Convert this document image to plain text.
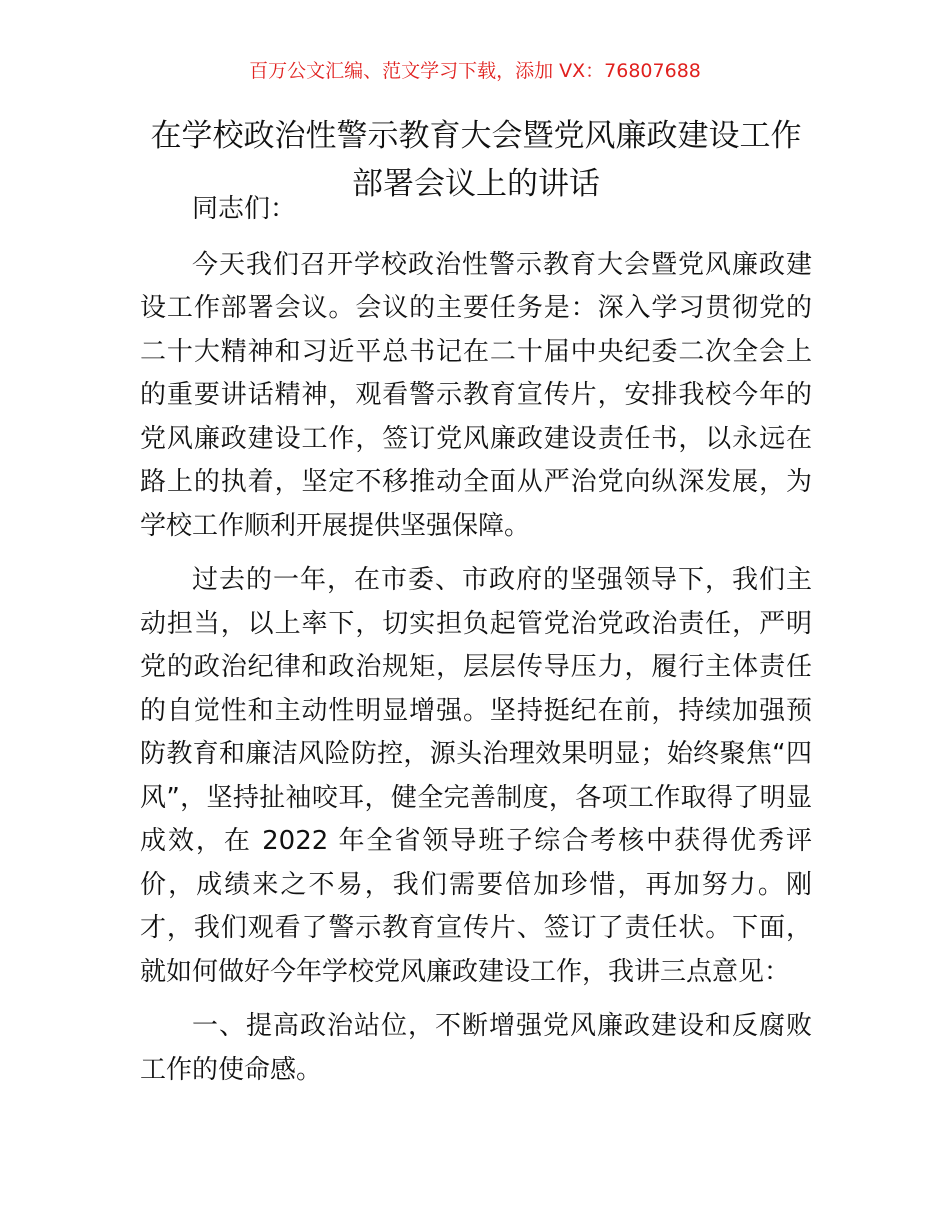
百万公文汇编、范文学习下载，添加 VX：76807688
在学校政治性警示教育大会暨党风廉政建设工作部署会议上的讲话

同志们：

今天我们召开学校政治性警示教育大会暨党风廉政建设工作部署会议。会议的主要任务是：深入学习贯彻党的二十大精神和习近平总书记在二十届中央纪委二次全会上的重要讲话精神，观看警示教育宣传片，安排我校今年的党风廉政建设工作，签订党风廉政建设责任书，以永远在路上的执着，坚定不移推动全面从严治党向纵深发展，为学校工作顺利开展提供坚强保障。

过去的一年，在市委、市政府的坚强领导下，我们主动担当，以上率下，切实担负起管党治党政治责任，严明党的政治纪律和政治规矩，层层传导压力，履行主体责任的自觉性和主动性明显增强。坚持挺纪在前，持续加强预防教育和廉洁风险防控，源头治理效果明显；始终聚焦“四风”，坚持扯袖咬耳，健全完善制度，各项工作取得了明显成效，在 2022 年全省领导班子综合考核中获得优秀评价，成绩来之不易，我们需要倍加珍惜，再加努力。刚才，我们观看了警示教育宣传片、签订了责任状。下面，就如何做好今年学校党风廉政建设工作，我讲三点意见：

一、提高政治站位，不断增强党风廉政建设和反腐败工作的使命感。
